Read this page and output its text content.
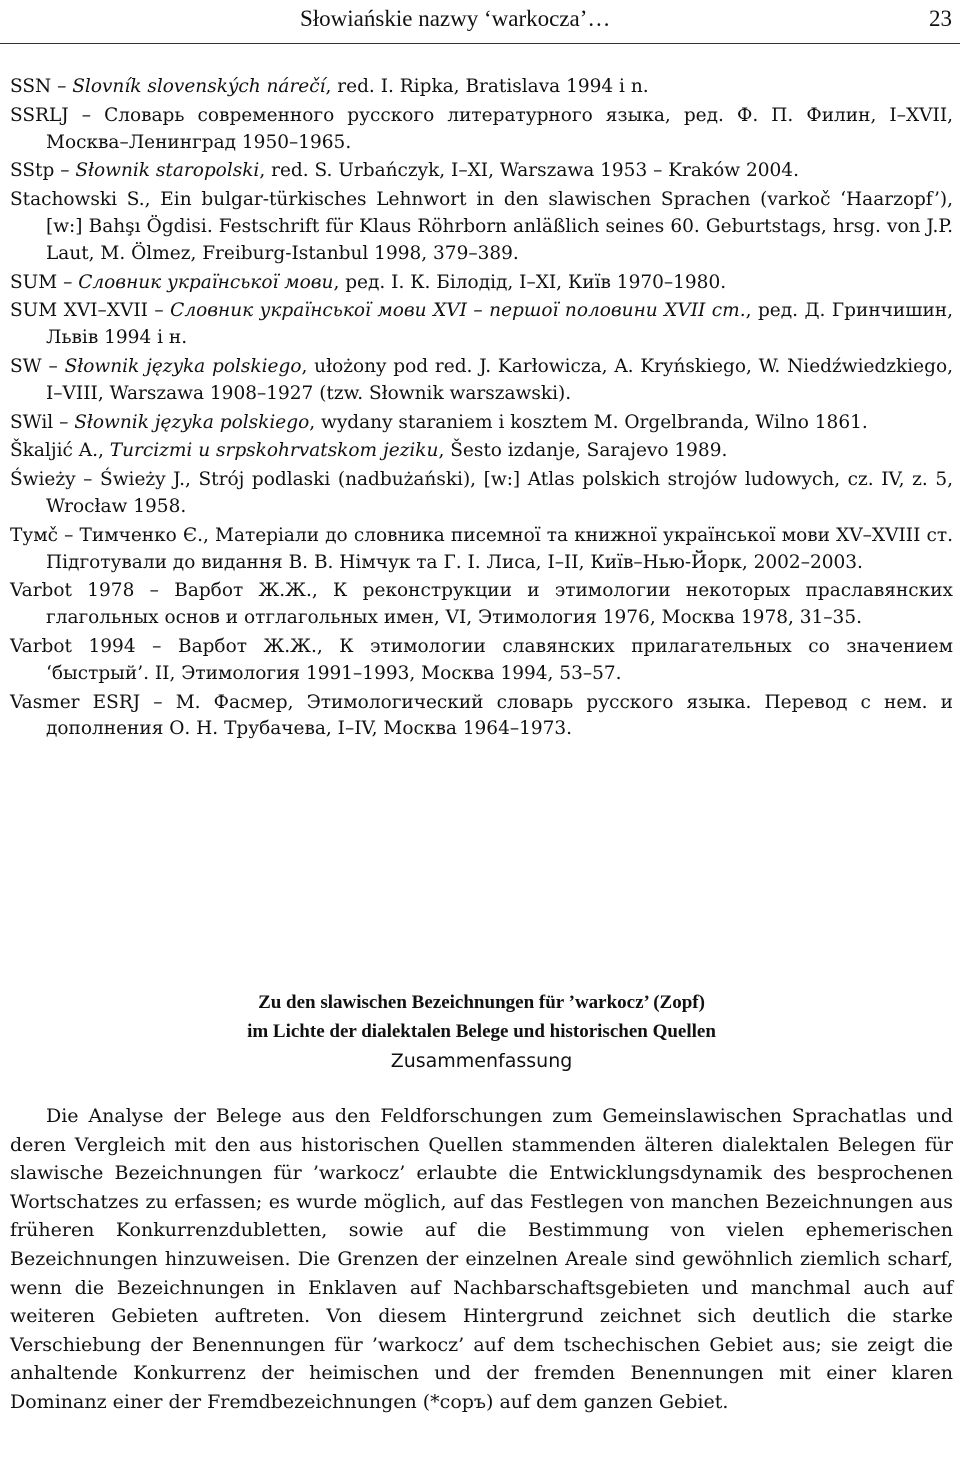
Słowiańskie nazwy ‘warkocza’…	23
SSN – Slovník slovenských nárečí, red. I. Ripka, Bratislava 1994 i n.
SSRLJ – Словарь современного русского литературного языка, ред. Ф. П. Филин, I–XVII, Москва–Ленинград 1950–1965.
SStp – Słownik staropolski, red. S. Urbańczyk, I–XI, Warszawa 1953 – Kraków 2004.
Stachowski S., Ein bulgar-türkisches Lehnwort in den slawischen Sprachen (varkoč ‘Haarzopf’), [w:] Bahşı Ögdisi. Festschrift für Klaus Röhrborn anläßlich seines 60. Geburtstags, hrsg. von J.P. Laut, M. Ölmez, Freiburg-Istanbul 1998, 379–389.
SUM – Словник української мови, ред. І. К. Білодід, I–XI, Київ 1970–1980.
SUM XVI–XVII – Словник української мови XVI – першої половини XVII ст., ред. Д. Гринчишин, Львів 1994 і н.
SW – Słownik języka polskiego, ułożony pod red. J. Karłowicza, A. Kryńskiego, W. Niedźwiedzkiego, I–VIII, Warszawa 1908–1927 (tzw. Słownik warszawski).
SWil – Słownik języka polskiego, wydany staraniem i kosztem M. Orgelbranda, Wilno 1861.
Škaljić A., Turcizmi u srpskohrvatskom jeziku, Šesto izdanje, Sarajevo 1989.
Świeży – Świeży J., Strój podlaski (nadbużański), [w:] Atlas polskich strojów ludowych, cz. IV, z. 5, Wrocław 1958.
Тумč – Тимченко Є., Матеріали до словника писемної та книжної української мови XV–XVIII ст. Підготували до видання В. В. Німчук та Г. І. Лиса, I–II, Київ–Нью-Йорк, 2002–2003.
Varbot 1978 – Варбот Ж.Ж., К реконструкции и этимологии некоторых праславянских глагольных основ и отглагольных имен, VI, Этимология 1976, Москва 1978, 31–35.
Varbot 1994 – Варбот Ж.Ж., К этимологии славянских прилагательных со значением ‘быстрый’. II, Этимология 1991–1993, Москва 1994, 53–57.
Vasmer ESRJ – М. Фасмер, Этимологический словарь русского языка. Перевод с нем. и дополнения О. Н. Трубачева, I–IV, Москва 1964–1973.
Zu den slawischen Bezeichnungen für ’warkocz’ (Zopf)
im Lichte der dialektalen Belege und historischen Quellen
Zusammenfassung
Die Analyse der Belege aus den Feldforschungen zum Gemeinslawischen Sprachatlas und deren Vergleich mit den aus historischen Quellen stammenden älteren dialektalen Belegen für slawische Bezeichnungen für ’warkocz’ erlaubte die Entwicklungsdynamik des besprochenen Wortschatzes zu erfassen; es wurde möglich, auf das Festlegen von manchen Bezeichnungen aus früheren Konkurrenzdubletten, sowie auf die Bestimmung von vielen ephemerischen Bezeichnungen hinzuweisen. Die Grenzen der einzelnen Areale sind gewöhnlich ziemlich scharf, wenn die Bezeichnungen in Enklaven auf Nachbarschaftsgebieten und manchmal auch auf weiteren Gebieten auftreten. Von diesem Hintergrund zeichnet sich deutlich die starke Verschiebung der Benennungen für ’warkocz’ auf dem tschechischen Gebiet aus; sie zeigt die anhaltende Konkurrenz der heimischen und der fremden Benennungen mit einer klaren Dominanz einer der Fremdbezeichnungen (*соръ) auf dem ganzen Gebiet.
